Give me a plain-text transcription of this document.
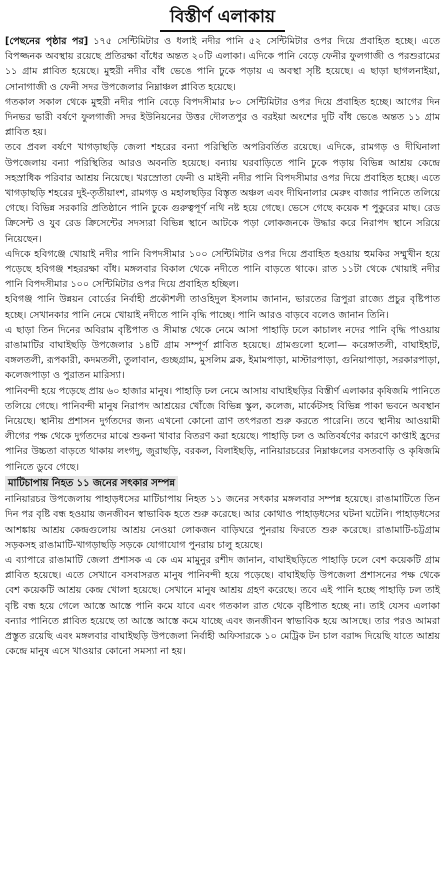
বিস্তীর্ণ এলাকায়

[পেছনের পৃষ্ঠার পর] ১৭৫ সেন্টিমিটার ও ধলাই নদীর পানি ৫২ সেন্টিমিটার ওপর দিয়ে প্রবাহিত হচ্ছে। এতে বিপজ্জনক অবস্থায় রয়েছে প্রতিরক্ষা বাঁধের অন্তত ২০টি এলাকা। এদিকে পানি বেড়ে ফেনীর ফুলগাজী ও পরশুরামের ১১ গ্রাম প্লাবিত হয়েছে। মুহুরী নদীর বাঁধ ভেঙে পানি ঢুকে পড়ায় এ অবস্থা সৃষ্টি হয়েছে। এ ছাড়া ছাগলনাইয়া, সোনাগাজী ও ফেনী সদর উপজেলার নিম্নাঞ্চল প্লাবিত হয়েছে।

গতকাল সকাল থেকে মুহুরী নদীর পানি বেড়ে বিপদসীমার ৮০ সেন্টিমিটার ওপর দিয়ে প্রবাহিত হচ্ছে। আগের দিন দিনভর ভারী বর্ষণে ফুলগাজী সদর ইউনিয়নের উত্তর দৌলতপুর ও বরইয়া অংশের দুটি বাঁধ ভেঙে অন্তত ১১ গ্রাম প্লাবিত হয়।

তবে প্রবল বর্ষণে খাগড়াছড়ি জেলা শহরের বন্যা পরিস্থিতি অপরিবর্তিত রয়েছে। এদিকে, রামগড় ও দীঘিনালা উপজেলায় বন্যা পরিস্থিতির আরও অবনতি হয়েছে। বন্যায় ঘরবাড়িতে পানি ঢুকে পড়ায় বিভিন্ন আশ্রয় কেন্দ্রে সহস্রাধিক পরিবার আশ্রয় নিয়েছে। খরস্রোতা ফেনী ও মাইনী নদীর পানি বিপদসীমার ওপর দিয়ে প্রবাহিত হচ্ছে। এতে খাগড়াছড়ি শহরের দুই-তৃতীয়াংশ, রামগড় ও মহালছড়ির বিস্তৃত অঞ্চল এবং দীঘিনালার মেরুং বাজার পানিতে তলিয়ে গেছে। বিভিন্ন সরকারি প্রতিষ্ঠানে পানি ঢুকে গুরুত্বপূর্ণ নথি নষ্ট হয়ে গেছে। ভেসে গেছে কয়েক শ পুকুরের মাছ। রেড ক্রিসেন্ট ও যুব রেড ক্রিসেন্টের সদস্যরা বিভিন্ন স্থানে আটকে পড়া লোকজনকে উদ্ধার করে নিরাপদ স্থানে সরিয়ে নিয়েছেন।

এদিকে হবিগঞ্জে খোয়াই নদীর পানি বিপদসীমার ১০০ সেন্টিমিটার ওপর দিয়ে প্রবাহিত হওয়ায় হুমকির সম্মুখীন হয়ে পড়েছে হবিগঞ্জ শহররক্ষা বাঁধ। মঙ্গলবার বিকাল থেকে নদীতে পানি বাড়তে থাকে। রাত ১১টা থেকে খোয়াই নদীর পানি বিপদসীমার ১০০ সেন্টিমিটার ওপর দিয়ে প্রবাহিত হচ্ছিল।

হবিগঞ্জ পানি উন্নয়ন বোর্ডের নির্বাহী প্রকৌশলী তাওহিদুল ইসলাম জানান, ভারতের ত্রিপুরা রাজ্যে প্রচুর বৃষ্টিপাত হচ্ছে। সেখানকার পানি নেমে খোয়াই নদীতে পানি বৃদ্ধি পাচ্ছে। পানি আরও বাড়বে বলেও জানান তিনি।

এ ছাড়া তিন দিনের অবিরাম বৃষ্টিপাত ও সীমান্ত থেকে নেমে আসা পাহাড়ি ঢলে কাচালং নদের পানি বৃদ্ধি পাওয়ায় রাঙামাটির বাঘাইছড়ি উপজেলার ১৪টি গ্রাম সম্পূর্ণ প্লাবিত হয়েছে। গ্রামগুলো হলো— করেঙ্গাতলী, বাঘাইহাট, বঙ্গলতলী, রূপকারী, কদমতলী, তুলাবান, গুচ্ছগ্রাম, মুসলিম ব্লক, ইমামপাড়া, মাস্টারপাড়া, গুনিয়াপাড়া, সরকারপাড়া, কলেজপাড়া ও পুরাতন মারিস্যা।

পানিবন্দী হয়ে পড়েছে প্রায় ৬০ হাজার মানুষ। পাহাড়ি ঢল নেমে আসায় বাঘাইছড়ির বিস্তীর্ণ এলাকার কৃষিজমি পানিতে তলিয়ে গেছে। পানিবন্দী মানুষ নিরাপদ আশ্রয়ের খোঁজে বিভিন্ন স্কুল, কলেজ, মার্কেটসহ বিভিন্ন পাকা ভবনে অবস্থান নিয়েছে। স্থানীয় প্রশাসন দুর্গতদের জন্য এখনো কোনো ত্রাণ তৎপরতা শুরু করতে পারেনি। তবে স্থানীয় আওয়ামী লীগের পক্ষ থেকে দুর্গতদের মাঝে শুকনা খাবার বিতরণ করা হয়েছে। পাহাড়ি ঢল ও অতিবর্ষণের কারণে কাপ্তাই হ্রদের পানির উচ্চতা বাড়তে থাকায় লংগদু, জুরাছড়ি, বরকল, বিলাইছড়ি, নানিয়ারচরের নিম্নাঞ্চলের বসতবাড়ি ও কৃষিজমি পানিতে ডুবে গেছে।

মাটিচাপায় নিহত ১১ জনের সৎকার সম্পন্ন

নানিয়ারচর উপজেলায় পাহাড়ধসের মাটিচাপায় নিহত ১১ জনের সৎকার মঙ্গলবার সম্পন্ন হয়েছে। রাঙামাটিতে তিন দিন পর বৃষ্টি বন্ধ হওয়ায় জনজীবন স্বাভাবিক হতে শুরু করেছে। আর কোথাও পাহাড়ধসের ঘটনা ঘটেনি। পাহাড়ধসের আশঙ্কায় আশ্রয় কেন্দ্রগুলোয় আশ্রয় নেওয়া লোকজন বাড়িঘরে পুনরায় ফিরতে শুরু করেছে। রাঙামাটি-চট্টগ্রাম সড়কসহ রাঙামাটি-খাগড়াছড়ি সড়কে যোগাযোগ পুনরায় চালু হয়েছে।

এ ব্যাপারে রাঙামাটি জেলা প্রশাসক এ কে এম মামুনুর রশীদ জানান, বাঘাইছড়িতে পাহাড়ি ঢলে বেশ কয়েকটি গ্রাম প্লাবিত হয়েছে। এতে সেখানে বসবাসরত মানুষ পানিবন্দী হয়ে পড়েছে। বাঘাইছড়ি উপজেলা প্রশাসনের পক্ষ থেকে বেশ কয়েকটি আশ্রয় কেন্দ্র খোলা হয়েছে। সেখানে মানুষ আশ্রয় গ্রহণ করেছে। তবে এই পানি হচ্ছে পাহাড়ি ঢল তাই বৃষ্টি বন্ধ হয়ে গেলে আস্তে আস্তে পানি কমে যাবে এবং গতকাল রাত থেকে বৃষ্টিপাত হচ্ছে না। তাই যেসব এলাকা বন্যার পানিতে প্লাবিত হয়েছে তা আস্তে আস্তে কমে যাচ্ছে এবং জনজীবন স্বাভাবিক হয়ে আসছে। তার পরও আমরা প্রস্তুত রয়েছি এবং মঙ্গলবার বাঘাইছড়ি উপজেলা নির্বাহী অফিসারকে ১০ মেট্রিক টন চাল বরাদ্দ দিয়েছি যাতে আশ্রয় কেন্দ্রে মানুষ এসে খাওয়ার কোনো সমস্যা না হয়।
